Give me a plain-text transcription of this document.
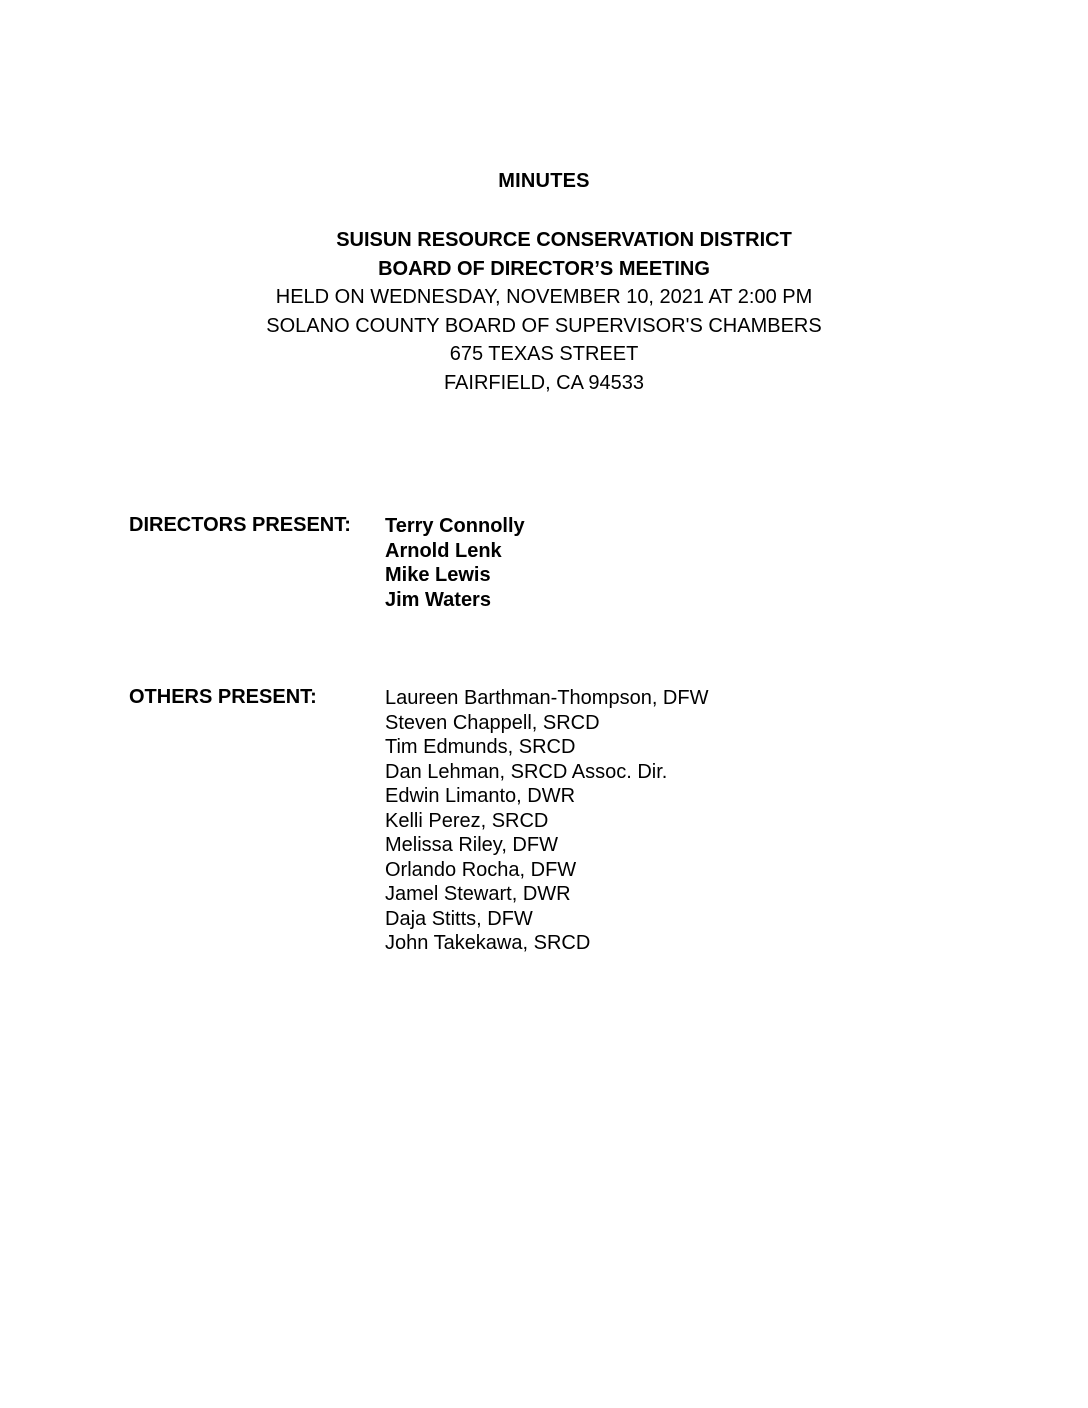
MINUTES
SUISUN RESOURCE CONSERVATION DISTRICT
BOARD OF DIRECTOR’S MEETING
HELD ON WEDNESDAY, NOVEMBER 10, 2021 AT 2:00 PM
SOLANO COUNTY BOARD OF SUPERVISOR'S CHAMBERS
675 TEXAS STREET
FAIRFIELD, CA 94533
DIRECTORS PRESENT: Terry Connolly
Arnold Lenk
Mike Lewis
Jim Waters
OTHERS PRESENT:	Laureen Barthman-Thompson, DFW
Steven Chappell, SRCD
Tim Edmunds, SRCD
Dan Lehman, SRCD Assoc. Dir.
Edwin Limanto, DWR
Kelli Perez, SRCD
Melissa Riley, DFW
Orlando Rocha, DFW
Jamel Stewart, DWR
Daja Stitts, DFW
John Takekawa, SRCD
